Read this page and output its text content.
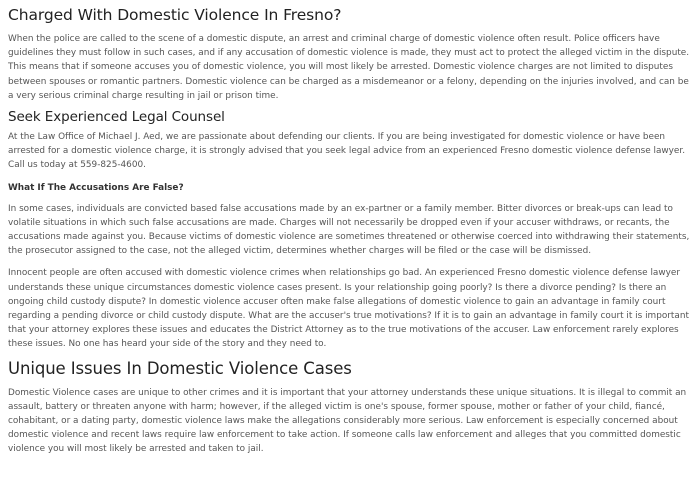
Charged With Domestic Violence In Fresno?

When the police are called to the scene of a domestic dispute, an arrest and criminal charge of domestic violence often result. Police officers have guidelines they must follow in such cases, and if any accusation of domestic violence is made, they must act to protect the alleged victim in the dispute. This means that if someone accuses you of domestic violence, you will most likely be arrested. Domestic violence charges are not limited to disputes between spouses or romantic partners. Domestic violence can be charged as a misdemeanor or a felony, depending on the injuries involved, and can be a very serious criminal charge resulting in jail or prison time.

Seek Experienced Legal Counsel

At the Law Office of Michael J. Aed, we are passionate about defending our clients. If you are being investigated for domestic violence or have been arrested for a domestic violence charge, it is strongly advised that you seek legal advice from an experienced Fresno domestic violence defense lawyer. Call us today at 559-825-4600.

What If The Accusations Are False?

In some cases, individuals are convicted based false accusations made by an ex-partner or a family member. Bitter divorces or break-ups can lead to volatile situations in which such false accusations are made. Charges will not necessarily be dropped even if your accuser withdraws, or recants, the accusations made against you. Because victims of domestic violence are sometimes threatened or otherwise coerced into withdrawing their statements, the prosecutor assigned to the case, not the alleged victim, determines whether charges will be filed or the case will be dismissed.

Innocent people are often accused with domestic violence crimes when relationships go bad. An experienced Fresno domestic violence defense lawyer understands these unique circumstances domestic violence cases present. Is your relationship going poorly? Is there a divorce pending? Is there an ongoing child custody dispute? In domestic violence accuser often make false allegations of domestic violence to gain an advantage in family court regarding a pending divorce or child custody dispute. What are the accuser's true motivations? If it is to gain an advantage in family court it is important that your attorney explores these issues and educates the District Attorney as to the true motivations of the accuser. Law enforcement rarely explores these issues. No one has heard your side of the story and they need to.

Unique Issues In Domestic Violence Cases

Domestic Violence cases are unique to other crimes and it is important that your attorney understands these unique situations. It is illegal to commit an assault, battery or threaten anyone with harm; however, if the alleged victim is one's spouse, former spouse, mother or father of your child, fiancé, cohabitant, or a dating party, domestic violence laws make the allegations considerably more serious. Law enforcement is especially concerned about domestic violence and recent laws require law enforcement to take action. If someone calls law enforcement and alleges that you committed domestic violence you will most likely be arrested and taken to jail.
